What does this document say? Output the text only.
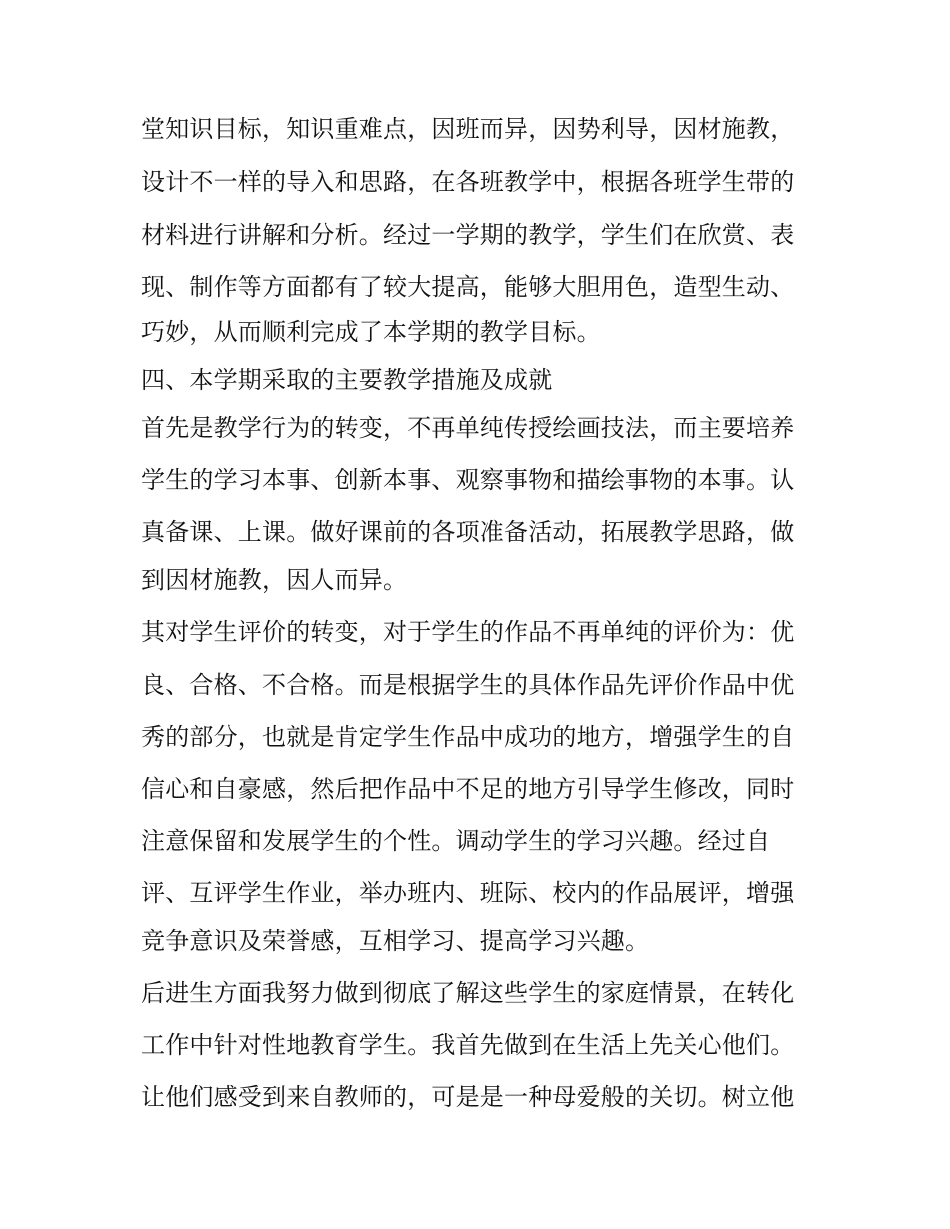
堂知识目标，知识重难点，因班而异，因势利导，因材施教，
设计不一样的导入和思路，在各班教学中，根据各班学生带的
材料进行讲解和分析。经过一学期的教学，学生们在欣赏、表
现、制作等方面都有了较大提高，能够大胆用色，造型生动、
巧妙，从而顺利完成了本学期的教学目标。
四、本学期采取的主要教学措施及成就
首先是教学行为的转变，不再单纯传授绘画技法，而主要培养
学生的学习本事、创新本事、观察事物和描绘事物的本事。认
真备课、上课。做好课前的各项准备活动，拓展教学思路，做
到因材施教，因人而异。
其对学生评价的转变，对于学生的作品不再单纯的评价为：优
良、合格、不合格。而是根据学生的具体作品先评价作品中优
秀的部分，也就是肯定学生作品中成功的地方，增强学生的自
信心和自豪感，然后把作品中不足的地方引导学生修改，同时
注意保留和发展学生的个性。调动学生的学习兴趣。经过自
评、互评学生作业，举办班内、班际、校内的作品展评，增强
竞争意识及荣誉感，互相学习、提高学习兴趣。
后进生方面我努力做到彻底了解这些学生的家庭情景，在转化
工作中针对性地教育学生。我首先做到在生活上先关心他们。
让他们感受到来自教师的，可是是一种母爱般的关切。树立他
